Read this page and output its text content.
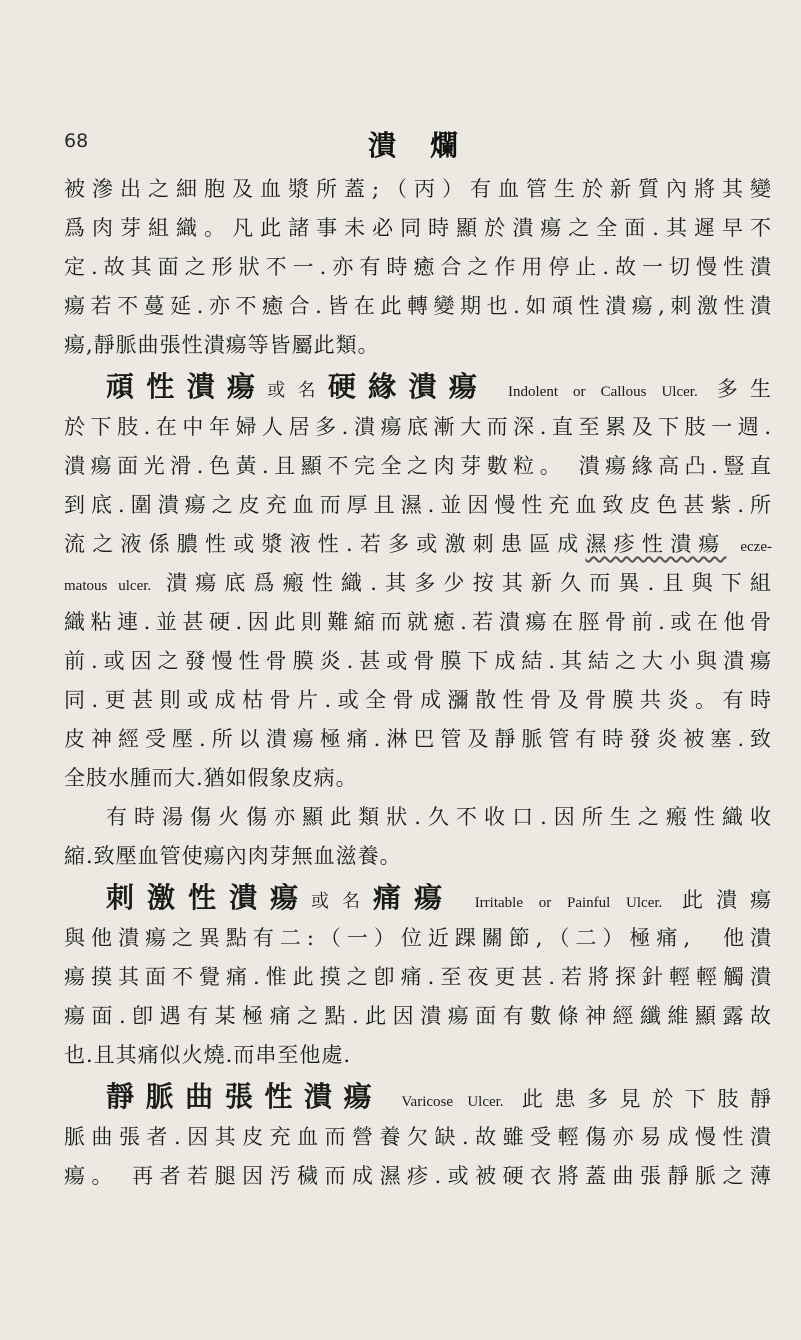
68	潰爛
被滲出之細胞及血漿所蓋;（丙）有血管生於新質內將其變
爲肉芽組織。凡此諸事未必同時顯於潰瘍之全面.其遲早不
定.故其面之形狀不一.亦有時癒合之作用停止.故一切慢性潰
瘍若不蔓延.亦不癒合.皆在此轉變期也.如頑性潰瘍,刺激性潰
瘍,靜脈曲張性潰瘍等皆屬此類。
頑性潰瘍或名硬緣潰瘍 Indolent or Callous Ulcer. 多生
於下肢.在中年婦人居多.潰瘍底漸大而深.直至累及下肢一週.
潰瘍面光滑.色黃.且顯不完全之肉芽數粒。 潰瘍緣高凸.豎直
到底.圍潰瘍之皮充血而厚且濕.並因慢性充血致皮色甚紫.所
流之液係膿性或漿液性.若多或激刺患區成濕疹性潰瘍 ecze-
matous ulcer. 潰瘍底爲瘢性織.其多少按其新久而異.且與下組
織粘連.並甚硬.因此則難縮而就癒.若潰瘍在脛骨前.或在他骨
前.或因之發慢性骨膜炎.甚或骨膜下成結.其結之大小與潰瘍
同.更甚則或成枯骨片.或全骨成瀰散性骨及骨膜共炎。有時
皮神經受壓.所以潰瘍極痛.淋巴管及靜脈管有時發炎被塞.致
全肢水腫而大.猶如假象皮病。
有時湯傷火傷亦顯此類狀.久不收口.因所生之瘢性織收
縮.致壓血管使瘍內肉芽無血滋養。
刺激性潰瘍或名痛瘍 Irritable or Painful Ulcer. 此潰瘍
與他潰瘍之異點有二:（一）位近踝關節,（二）極痛,　他潰
瘍摸其面不覺痛.惟此摸之卽痛.至夜更甚.若將探針輕輕觸潰
瘍面.卽遇有某極痛之點.此因潰瘍面有數條神經纖維顯露故
也.且其痛似火燒.而串至他處.
靜脈曲張性潰瘍 Varicose Ulcer. 此患多見於下肢靜
脈曲張者.因其皮充血而營養欠缺.故雖受輕傷亦易成慢性潰
瘍。 再者若腿因汚穢而成濕疹.或被硬衣將蓋曲張靜脈之薄
